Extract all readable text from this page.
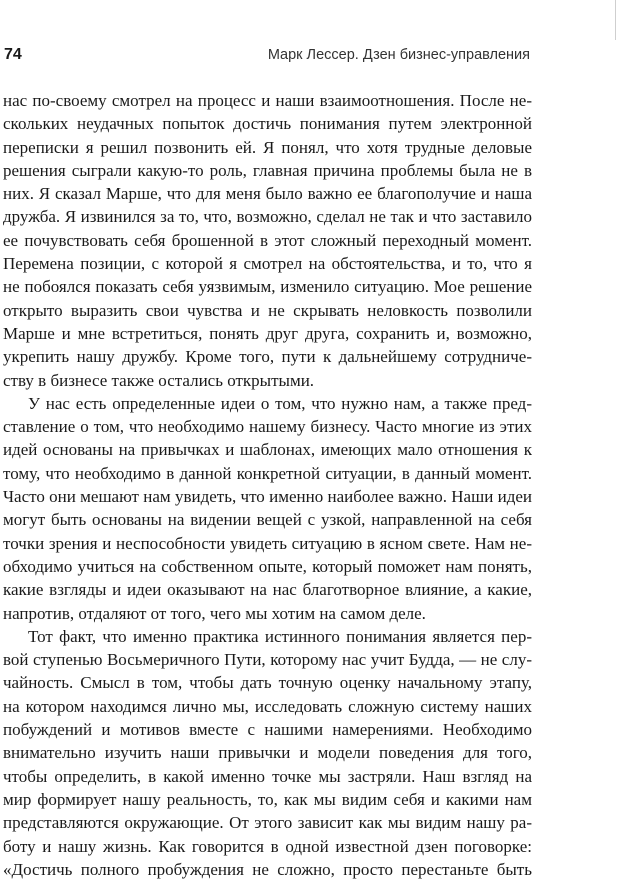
74	Марк Лессер. Дзен бизнес-управления
нас по-своему смотрел на процесс и наши взаимоотношения. После не-
скольких неудачных попыток достичь понимания путем электронной
переписки я решил позвонить ей. Я понял, что хотя трудные деловые
решения сыграли какую-то роль, главная причина проблемы была не в
них. Я сказал Марше, что для меня было важно ее благополучие и наша
дружба. Я извинился за то, что, возможно, сделал не так и что заставило
ее почувствовать себя брошенной в этот сложный переходный момент.
Перемена позиции, с которой я смотрел на обстоятельства, и то, что я
не побоялся показать себя уязвимым, изменило ситуацию. Мое решение
открыто выразить свои чувства и не скрывать неловкость позволили
Марше и мне встретиться, понять друг друга, сохранить и, возможно,
укрепить нашу дружбу. Кроме того, пути к дальнейшему сотрудниче-
ству в бизнесе также остались открытыми.
У нас есть определенные идеи о том, что нужно нам, а также пред-
ставление о том, что необходимо нашему бизнесу. Часто многие из этих
идей основаны на привычках и шаблонах, имеющих мало отношения к
тому, что необходимо в данной конкретной ситуации, в данный момент.
Часто они мешают нам увидеть, что именно наиболее важно. Наши идеи
могут быть основаны на видении вещей с узкой, направленной на себя
точки зрения и неспособности увидеть ситуацию в ясном свете. Нам не-
обходимо учиться на собственном опыте, который поможет нам понять,
какие взгляды и идеи оказывают на нас благотворное влияние, а какие,
напротив, отдаляют от того, чего мы хотим на самом деле.
Тот факт, что именно практика истинного понимания является пер-
вой ступенью Восьмеричного Пути, которому нас учит Будда, — не слу-
чайность. Смысл в том, чтобы дать точную оценку начальному этапу,
на котором находимся лично мы, исследовать сложную систему наших
побуждений и мотивов вместе с нашими намерениями. Необходимо
внимательно изучить наши привычки и модели поведения для того,
чтобы определить, в какой именно точке мы застряли. Наш взгляд на
мир формирует нашу реальность, то, как мы видим себя и какими нам
представляются окружающие. От этого зависит как мы видим нашу ра-
боту и нашу жизнь. Как говорится в одной известной дзен поговорке:
«Достичь полного пробуждения не сложно, просто перестаньте быть
